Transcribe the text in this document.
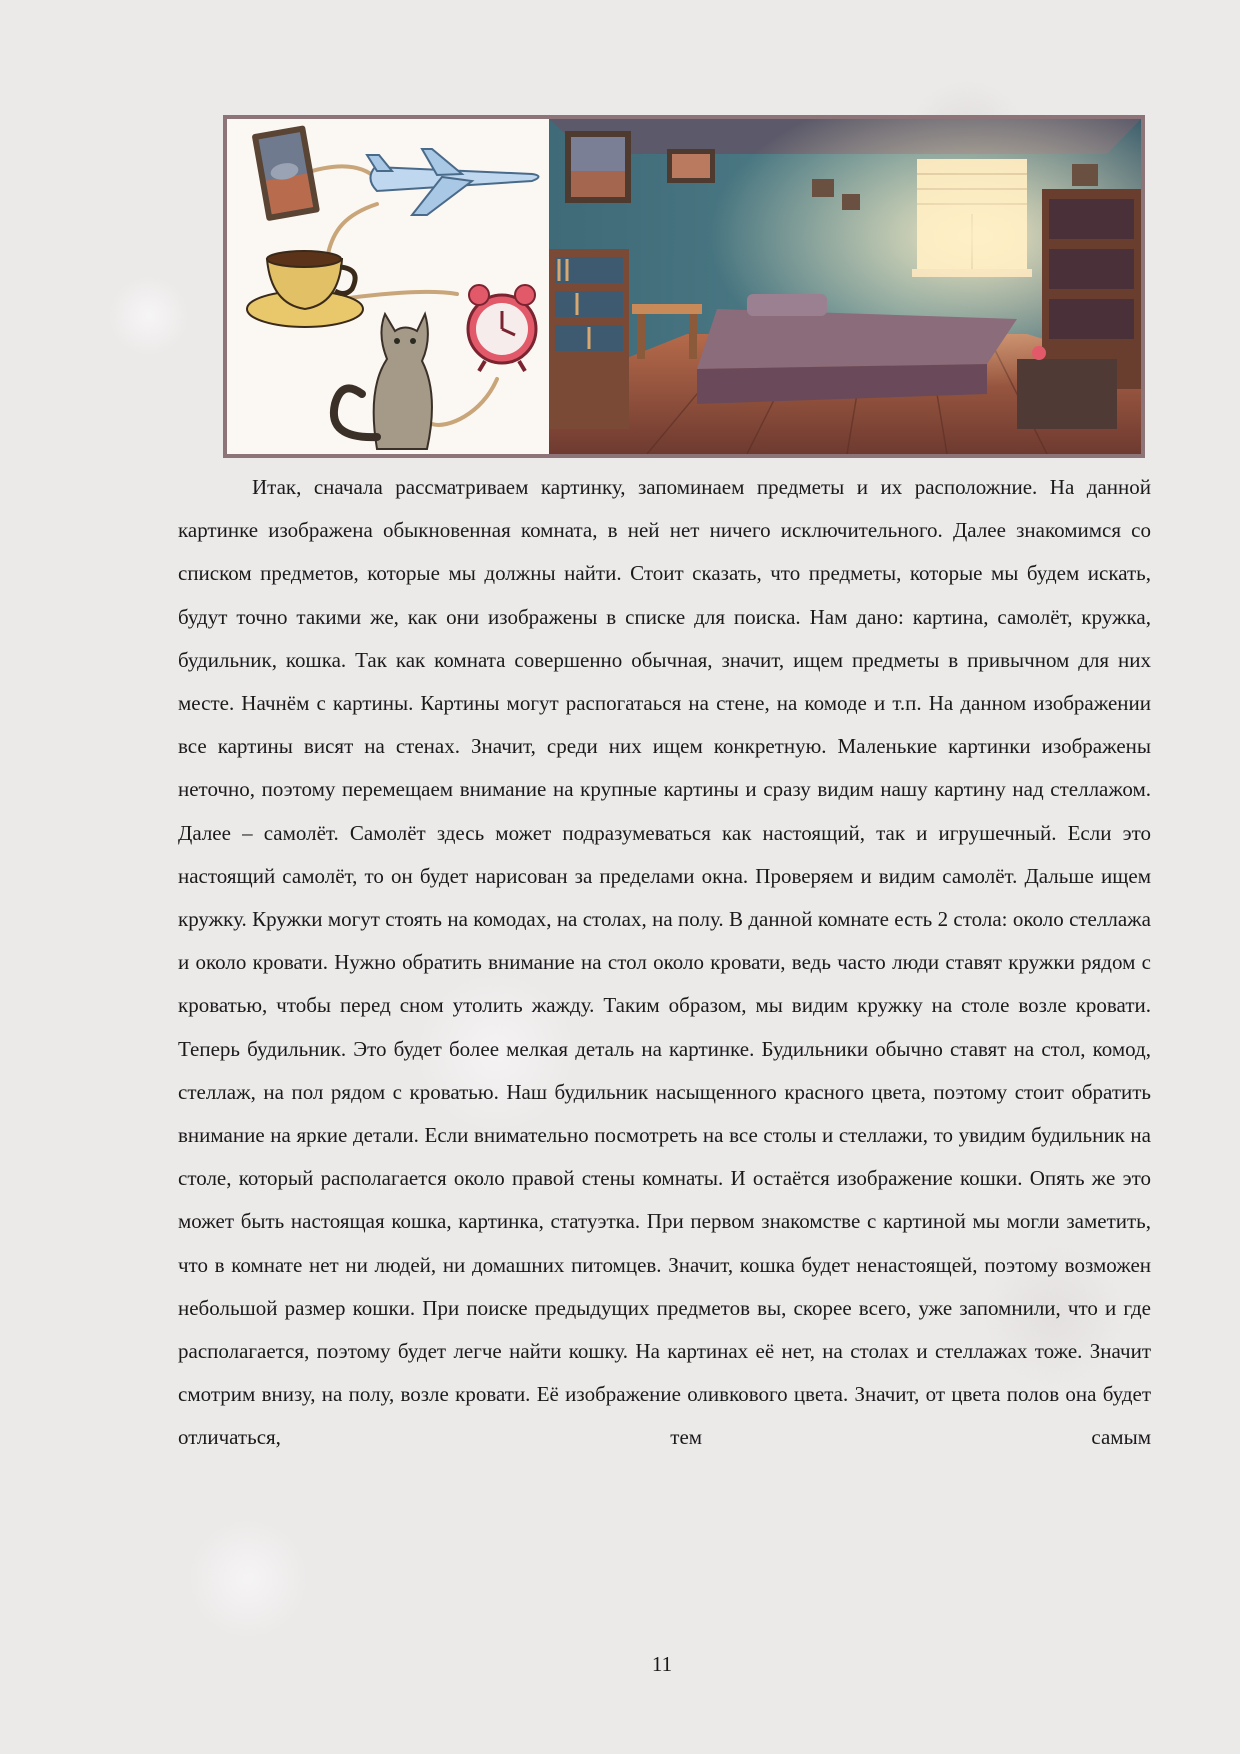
Итак, сначала рассматриваем картинку, запоминаем предметы и их расположние. На данной картинке изображена обыкновенная комната, в ней нет ничего исключительного. Далее знакомимся со списком предметов, которые мы должны найти. Стоит сказать, что предметы, которые мы будем искать, будут точно такими же, как они изображены в списке для поиска. Нам дано: картина, самолёт, кружка, будильник, кошка. Так как комната совершенно обычная, значит, ищем предметы в привычном для них месте. Начнём с картины. Картины могут распогатаься на стене, на комоде и т.п. На данном изображении все картины висят на стенах. Значит, среди них ищем конкретную. Маленькие картинки изображены неточно, поэтому перемещаем внимание на крупные картины и сразу видим нашу картину над стеллажом. Далее – самолёт. Самолёт здесь может подразумеваться как настоящий, так и игрушечный. Если это настоящий самолёт, то он будет нарисован за пределами окна. Проверяем и видим самолёт. Дальше ищем кружку. Кружки могут стоять на комодах, на столах, на полу. В данной комнате есть 2 стола: около стеллажа и около кровати. Нужно обратить внимание на стол около кровати, ведь часто люди ставят кружки рядом с кроватью, чтобы перед сном утолить жажду. Таким образом, мы видим кружку на столе возле кровати. Теперь будильник. Это будет более мелкая деталь на картинке. Будильники обычно ставят на стол, комод, стеллаж, на пол рядом с кроватью. Наш будильник насыщенного красного цвета, поэтому стоит обратить внимание на яркие детали. Если внимательно посмотреть на все столы и стеллажи, то увидим будильник на столе, который располагается около правой стены комнаты. И остаётся изображение кошки. Опять же это может быть настоящая кошка, картинка, статуэтка. При первом знакомстве с картиной мы могли заметить, что в комнате нет ни людей, ни домашних питомцев. Значит, кошка будет ненастоящей, поэтому возможен небольшой размер кошки. При поиске предыдущих предметов вы, скорее всего, уже запомнили, что и где располагается, поэтому будет легче найти кошку. На картинах её нет, на столах и стеллажах тоже. Значит смотрим внизу, на полу, возле кровати. Её изображение оливкового цвета. Значит, от цвета полов она будет отличаться, тем самым

11
